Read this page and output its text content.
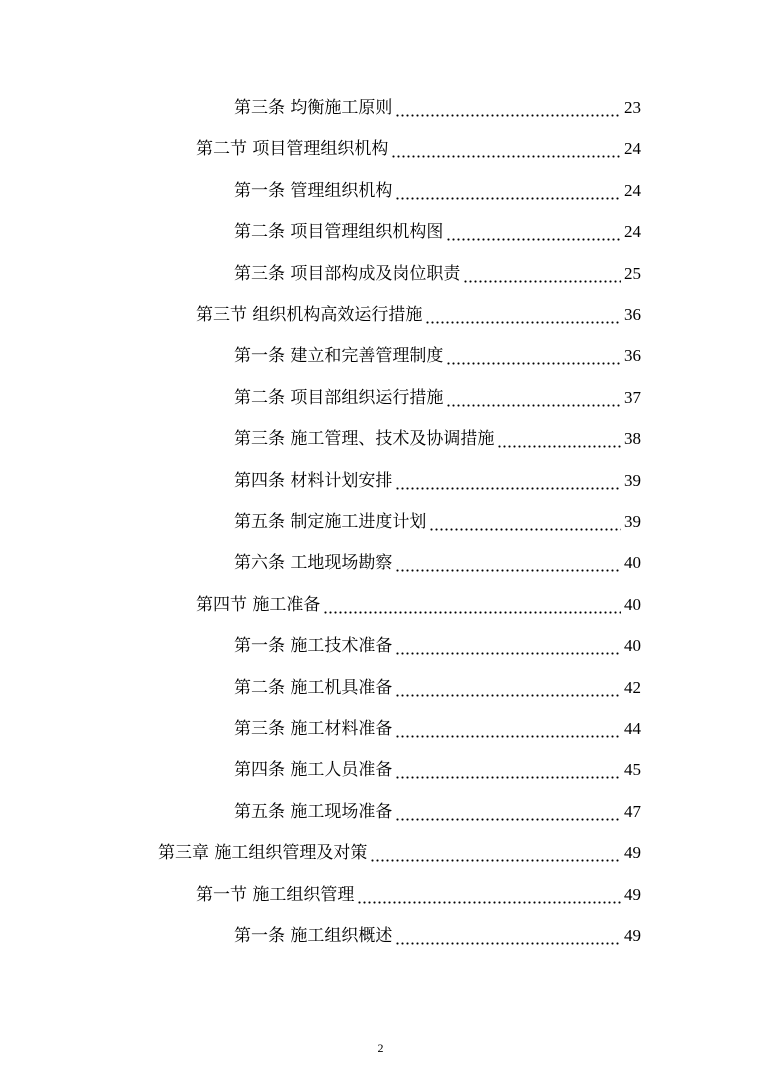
第三条 均衡施工原则	23
第二节 项目管理组织机构	24
第一条 管理组织机构	24
第二条 项目管理组织机构图	24
第三条 项目部构成及岗位职责	25
第三节 组织机构高效运行措施	36
第一条 建立和完善管理制度	36
第二条 项目部组织运行措施	37
第三条 施工管理、技术及协调措施	38
第四条 材料计划安排	39
第五条 制定施工进度计划	39
第六条 工地现场勘察	40
第四节 施工准备	40
第一条 施工技术准备	40
第二条 施工机具准备	42
第三条 施工材料准备	44
第四条 施工人员准备	45
第五条 施工现场准备	47
第三章 施工组织管理及对策	49
第一节 施工组织管理	49
第一条 施工组织概述	49
2
